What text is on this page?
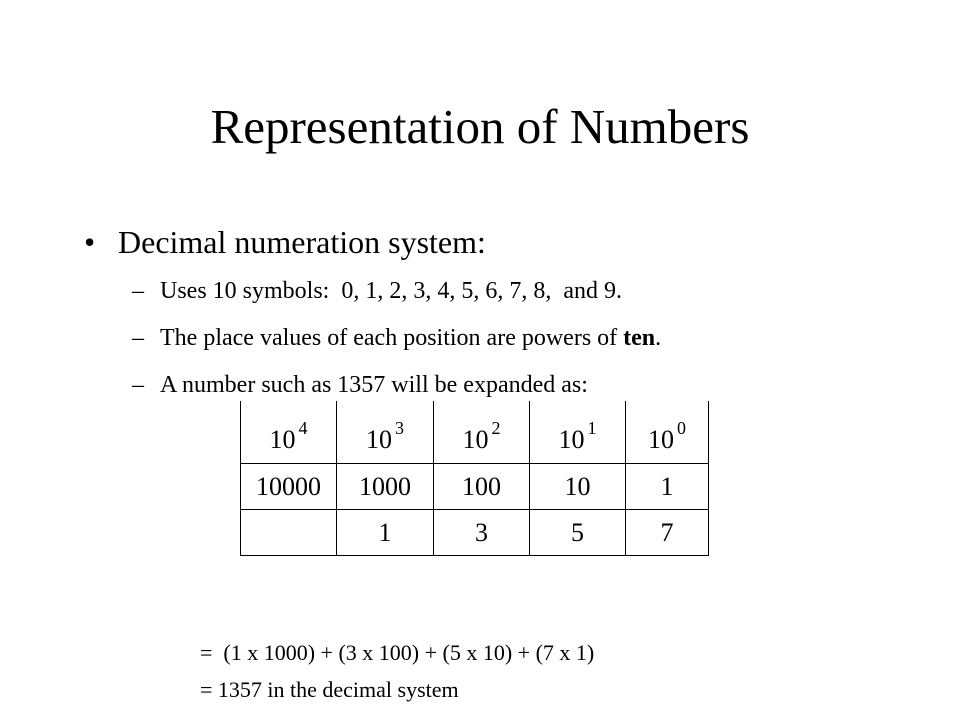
Representation of Numbers
• Decimal numeration system:
– Uses 10 symbols:  0, 1, 2, 3, 4, 5, 6, 7, 8,  and 9.
– The place values of each position are powers of ten.
– A number such as 1357 will be expanded as:
10 $^4$	10 $^3$	10 $^2$	10 $^1$	10 $^0$
10000	1000	100	10	1
	1	3	5	7
=  (1 x 1000) + (3 x 100) + (5 x 10) + (7 x 1)
= 1357 in the decimal system
